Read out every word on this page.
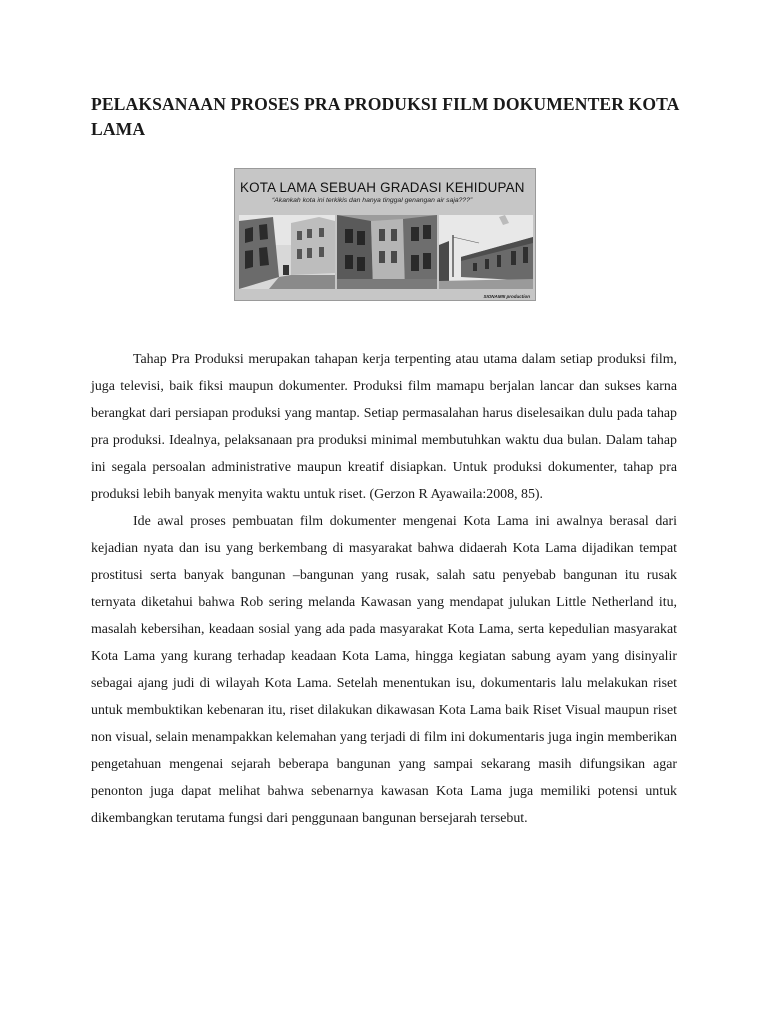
PELAKSANAAN PROSES PRA PRODUKSI FILM DOKUMENTER KOTA LAMA
KOTA LAMA SEBUAH GRADASI KEHIDUPAN
“Akankah kota ini terkikis dan hanya tinggal genangan air saja???”
SIONAMIII production

Tahap Pra Produksi merupakan tahapan kerja terpenting atau utama dalam setiap produksi film, juga televisi, baik fiksi maupun dokumenter. Produksi film mamapu berjalan lancar dan sukses karna berangkat dari persiapan produksi yang mantap. Setiap permasalahan harus diselesaikan dulu pada tahap pra produksi. Idealnya, pelaksanaan pra produksi minimal membutuhkan waktu dua bulan. Dalam tahap ini segala persoalan administrative maupun kreatif disiapkan. Untuk produksi dokumenter, tahap pra produksi lebih banyak menyita waktu untuk riset. (Gerzon R Ayawaila:2008, 85).

Ide awal proses pembuatan film dokumenter mengenai Kota Lama ini awalnya berasal dari kejadian nyata dan isu yang berkembang di masyarakat bahwa didaerah Kota Lama dijadikan tempat prostitusi serta banyak bangunan –bangunan yang rusak, salah satu penyebab bangunan itu rusak ternyata diketahui bahwa Rob sering melanda Kawasan yang mendapat julukan Little Netherland itu, masalah kebersihan, keadaan sosial yang ada pada masyarakat Kota Lama, serta kepedulian masyarakat Kota Lama yang kurang terhadap keadaan Kota Lama, hingga kegiatan sabung ayam yang disinyalir sebagai ajang judi di wilayah Kota Lama. Setelah menentukan isu, dokumentaris lalu melakukan riset untuk membuktikan kebenaran itu, riset dilakukan dikawasan Kota Lama baik Riset Visual maupun riset non visual, selain menampakkan kelemahan yang terjadi di film ini dokumentaris juga ingin memberikan pengetahuan mengenai sejarah beberapa bangunan yang sampai sekarang masih difungsikan agar penonton juga dapat melihat bahwa sebenarnya kawasan Kota Lama juga memiliki potensi untuk dikembangkan terutama fungsi dari penggunaan bangunan bersejarah tersebut.
